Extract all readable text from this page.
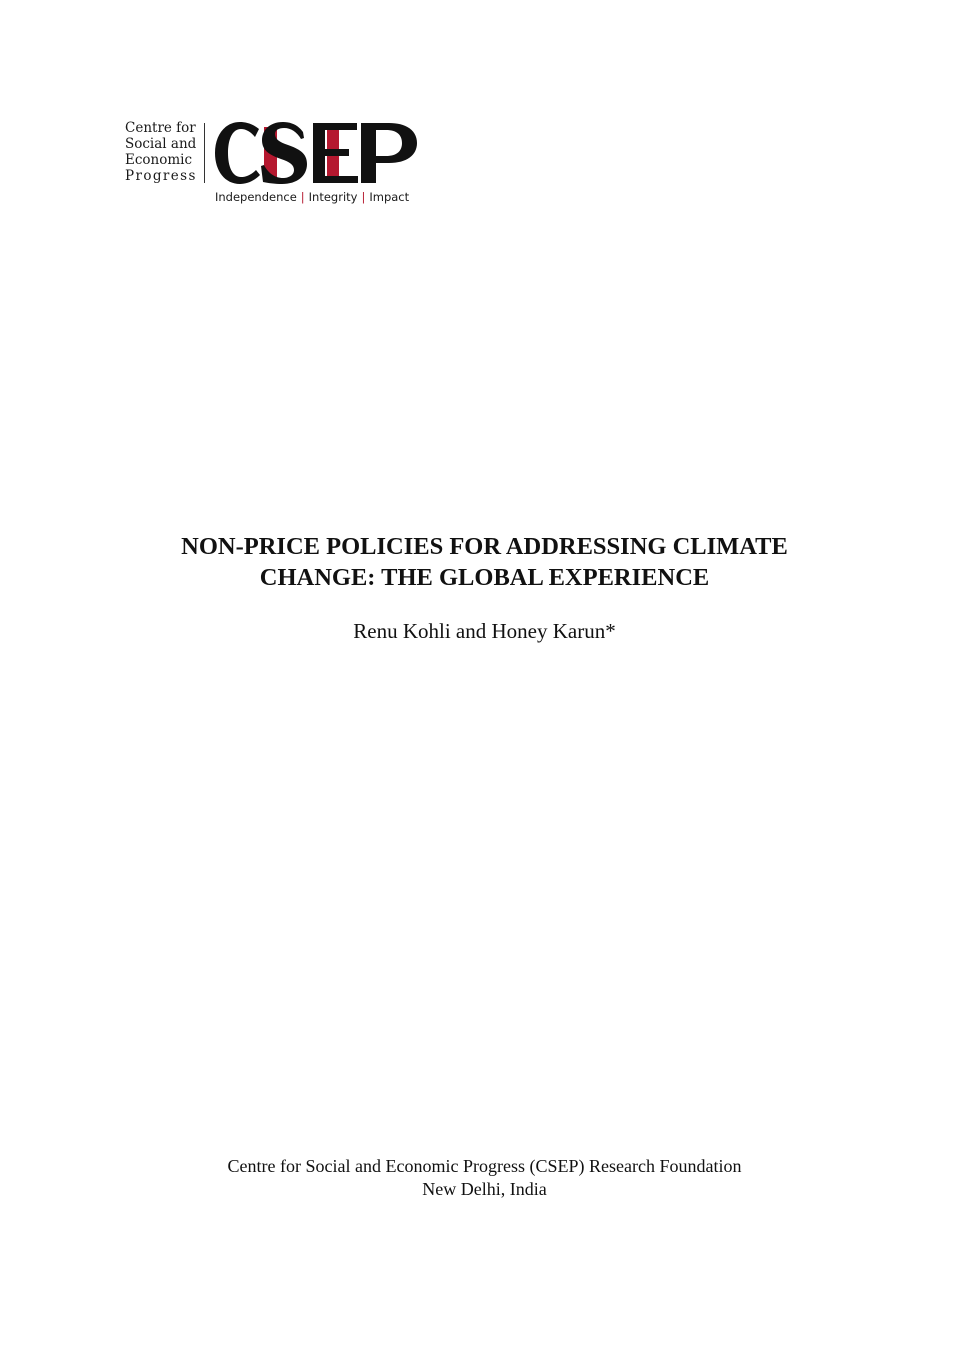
Centre for
Social and
Economic
Progress
Independence | Integrity | Impact
NON-PRICE POLICIES FOR ADDRESSING CLIMATE
CHANGE: THE GLOBAL EXPERIENCE
Renu Kohli and Honey Karun*
Centre for Social and Economic Progress (CSEP) Research Foundation
New Delhi, India
